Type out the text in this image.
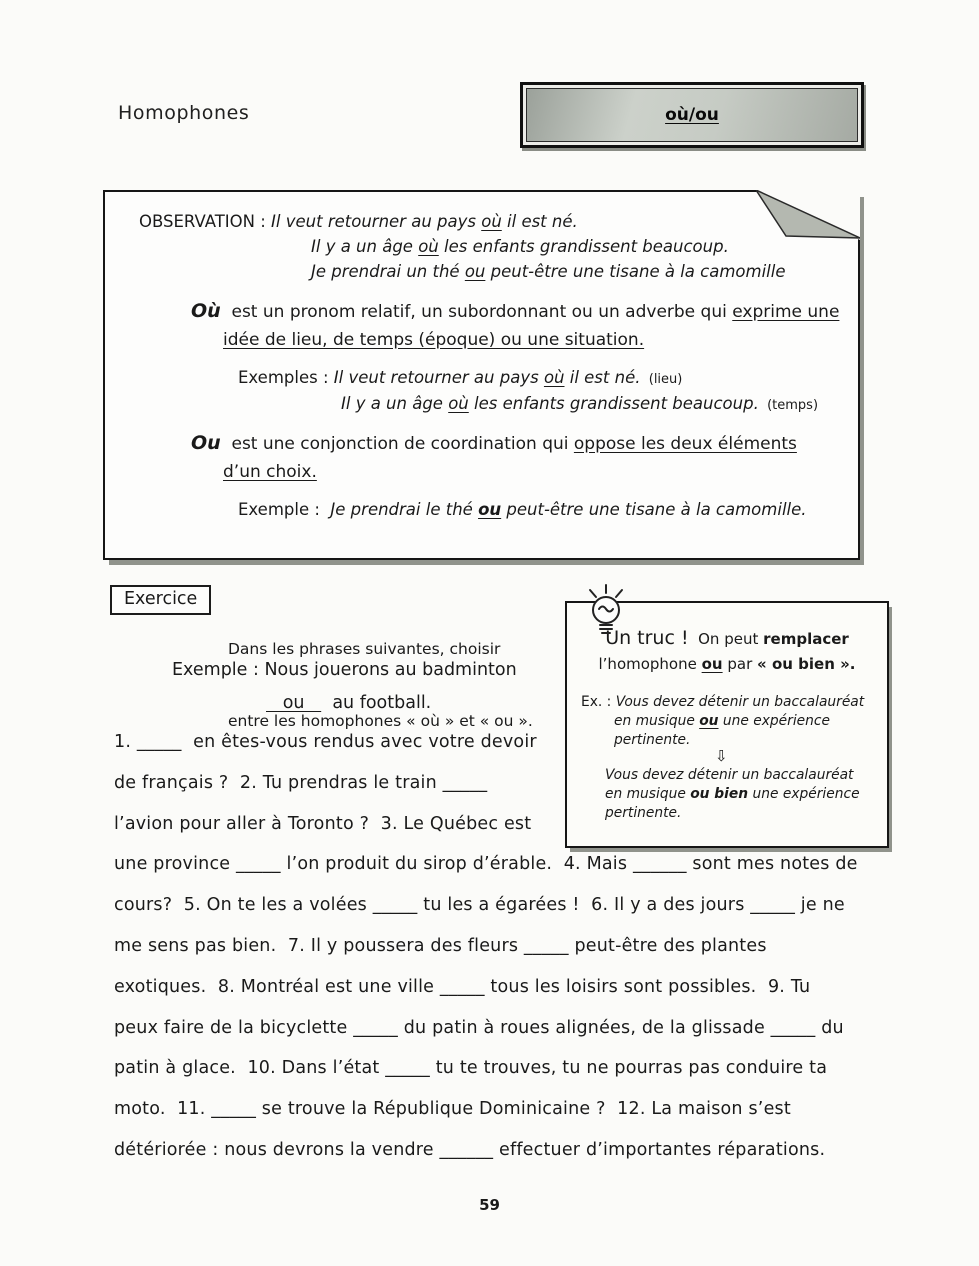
Homophones	où/ou
OBSERVATION : Il veut retourner au pays où il est né.
Il y a un âge où les enfants grandissent beaucoup.
Je prendrai un thé ou peut-être une tisane à la camomille
Où  est un pronom relatif, un subordonnant ou un adverbe qui exprime une
idée de lieu, de temps (époque) ou une situation.
Exemples : Il veut retourner au pays où il est né.  (lieu)
Il y a un âge où les enfants grandissent beaucoup.  (temps)
Ou  est une conjonction de coordination qui oppose les deux éléments
d’un choix.
Exemple :  Je prendrai le thé ou peut-être une tisane à la camomille.
Exercice

Dans les phrases suivantes, choisir

entre les homophones « où » et « ou ».

Exemple : Nous jouerons au badminton
ou     au football.
Un truc !  On peut remplacer
l’homophone ou par « ou bien ».
Ex. : Vous devez détenir un baccalauréat
en musique ou une expérience
pertinente.
⇩
Vous devez détenir un baccalauréat
en musique ou bien une expérience
pertinente.
1. _____  en êtes-vous rendus avec votre devoir
de français ?  2. Tu prendras le train _____
l’avion pour aller à Toronto ?  3. Le Québec est
une province _____ l’on produit du sirop d’érable.  4. Mais ______ sont mes notes de
cours?  5. On te les a volées _____ tu les a égarées !  6. Il y a des jours _____ je ne
me sens pas bien.  7. Il y poussera des fleurs _____ peut-être des plantes
exotiques.  8. Montréal est une ville _____ tous les loisirs sont possibles.  9. Tu
peux faire de la bicyclette _____ du patin à roues alignées, de la glissade _____ du
patin à glace.  10. Dans l’état _____ tu te trouves, tu ne pourras pas conduire ta
moto.  11. _____ se trouve la République Dominicaine ?  12. La maison s’est
détériorée : nous devrons la vendre ______ effectuer d’importantes réparations.
59
